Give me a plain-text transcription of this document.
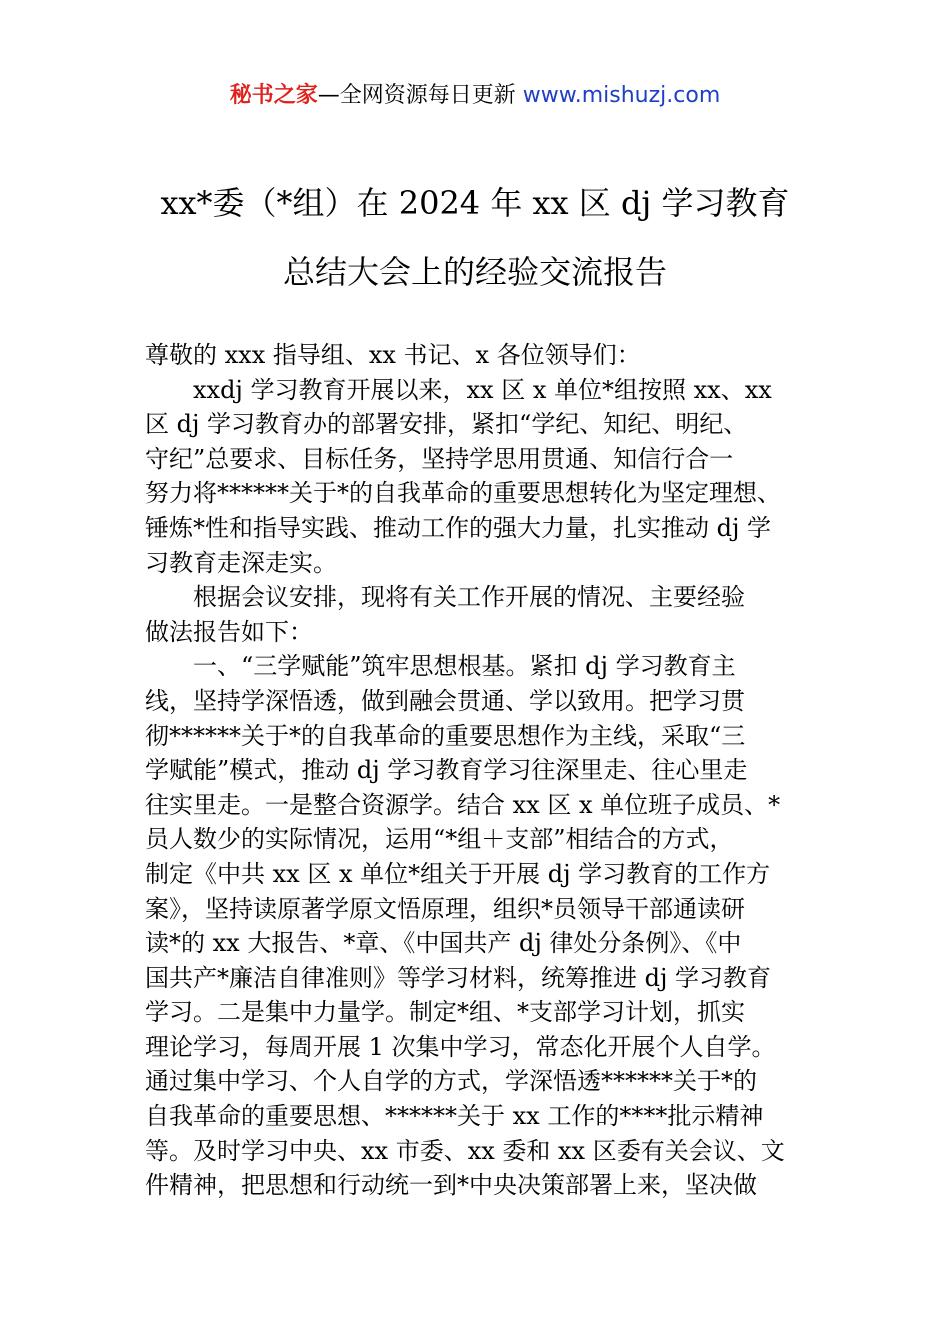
秘书之家—全网资源每日更新 www.mishuzj.com
xx*委（*组）在 2024 年 xx 区 dj 学习教育
总结大会上的经验交流报告
尊敬的 xxx 指导组、xx 书记、x 各位领导们：
xxdj 学习教育开展以来，xx 区 x 单位*组按照 xx、xx
区 dj 学习教育办的部署安排，紧扣“学纪、知纪、明纪、
守纪”总要求、目标任务，坚持学思用贯通、知信行合一
努力将******关于*的自我革命的重要思想转化为坚定理想、
锤炼*性和指导实践、推动工作的强大力量，扎实推动 dj 学
习教育走深走实。
根据会议安排，现将有关工作开展的情况、主要经验
做法报告如下：
一、“三学赋能”筑牢思想根基。紧扣 dj 学习教育主
线，坚持学深悟透，做到融会贯通、学以致用。把学习贯
彻******关于*的自我革命的重要思想作为主线，采取“三
学赋能”模式，推动 dj 学习教育学习往深里走、往心里走
往实里走。一是整合资源学。结合 xx 区 x 单位班子成员、*
员人数少的实际情况，运用“*组＋支部”相结合的方式，
制定《中共 xx 区 x 单位*组关于开展 dj 学习教育的工作方
案》，坚持读原著学原文悟原理，组织*员领导干部通读研
读*的 xx 大报告、*章、《中国共产 dj 律处分条例》、《中
国共产*廉洁自律准则》等学习材料，统筹推进 dj 学习教育
学习。二是集中力量学。制定*组、*支部学习计划，抓实
理论学习，每周开展 1 次集中学习，常态化开展个人自学。
通过集中学习、个人自学的方式，学深悟透******关于*的
自我革命的重要思想、******关于 xx 工作的****批示精神
等。及时学习中央、xx 市委、xx 委和 xx 区委有关会议、文
件精神，把思想和行动统一到*中央决策部署上来，坚决做
